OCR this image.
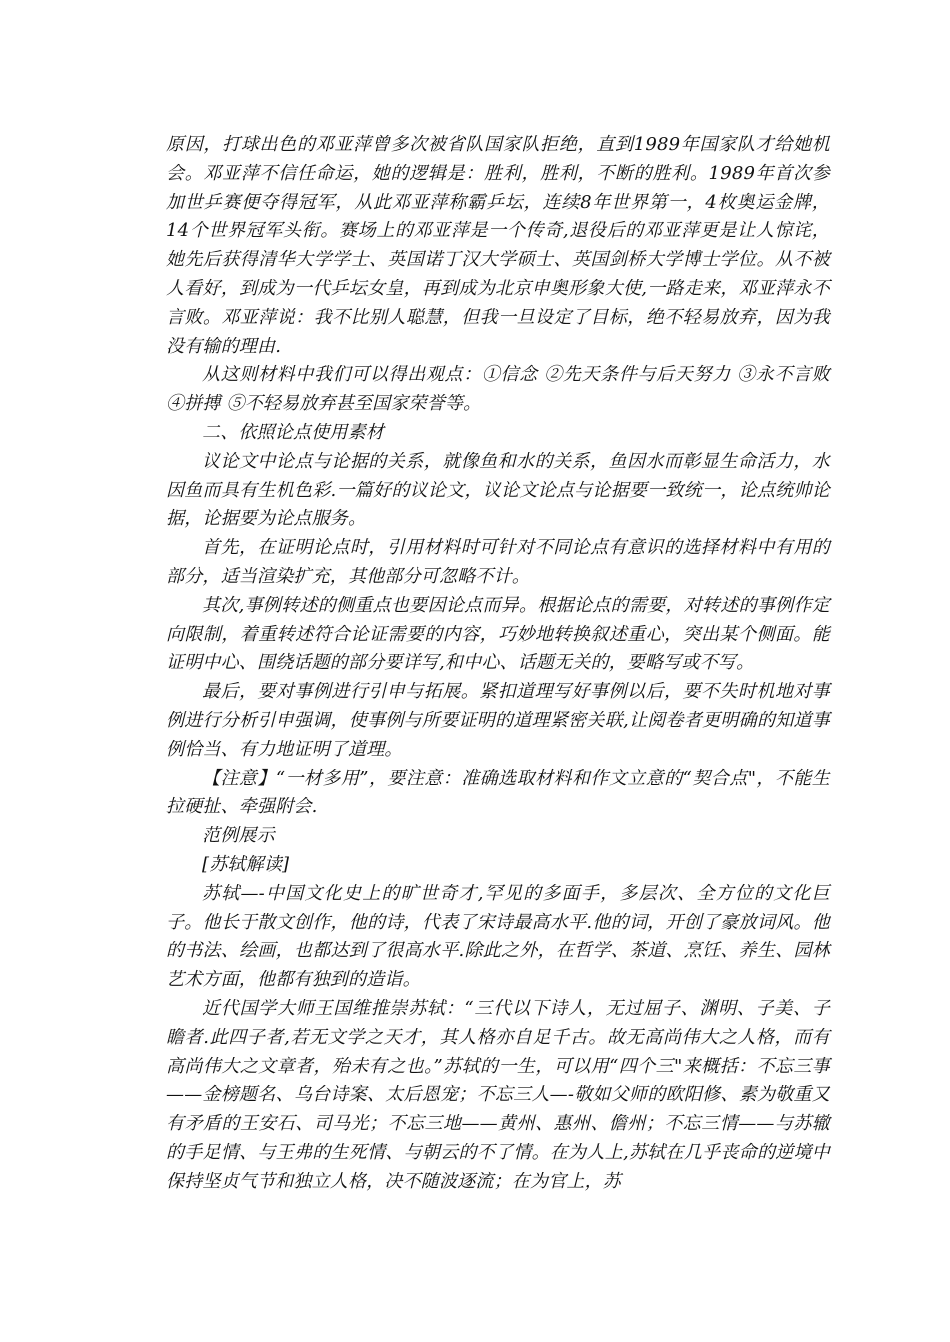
原因，打球出色的邓亚萍曾多次被省队国家队拒绝，直到1989年国家队才给她机会。邓亚萍不信任命运，她的逻辑是：胜利，胜利，不断的胜利。1989年首次参加世乒赛便夺得冠军，从此邓亚萍称霸乒坛，连续8年世界第一，4枚奥运金牌，14个世界冠军头衔。赛场上的邓亚萍是一个传奇,退役后的邓亚萍更是让人惊诧，她先后获得清华大学学士、英国诺丁汉大学硕士、英国剑桥大学博士学位。从不被人看好，到成为一代乒坛女皇，再到成为北京申奥形象大使,一路走来，邓亚萍永不言败。邓亚萍说：我不比别人聪慧，但我一旦设定了目标，绝不轻易放弃，因为我没有输的理由.

从这则材料中我们可以得出观点：①信念 ②先天条件与后天努力 ③永不言败 ④拼搏 ⑤不轻易放弃甚至国家荣誉等。

二、依照论点使用素材

议论文中论点与论据的关系，就像鱼和水的关系，鱼因水而彰显生命活力，水因鱼而具有生机色彩.一篇好的议论文，议论文论点与论据要一致统一，论点统帅论据，论据要为论点服务。

首先，在证明论点时，引用材料时可针对不同论点有意识的选择材料中有用的部分，适当渲染扩充，其他部分可忽略不计。

其次,事例转述的侧重点也要因论点而异。根据论点的需要，对转述的事例作定向限制，着重转述符合论证需要的内容，巧妙地转换叙述重心，突出某个侧面。能证明中心、围绕话题的部分要详写,和中心、话题无关的，要略写或不写。

最后，要对事例进行引申与拓展。紧扣道理写好事例以后，要不失时机地对事例进行分析引申强调，使事例与所要证明的道理紧密关联,让阅卷者更明确的知道事例恰当、有力地证明了道理。

【注意】“一材多用”，要注意：准确选取材料和作文立意的“契合点"，不能生拉硬扯、牵强附会.

范例展示

[苏轼解读]

苏轼—-中国文化史上的旷世奇才,罕见的多面手，多层次、全方位的文化巨子。他长于散文创作，他的诗，代表了宋诗最高水平.他的词，开创了豪放词风。他的书法、绘画，也都达到了很高水平.除此之外，在哲学、茶道、烹饪、养生、园林艺术方面，他都有独到的造诣。

近代国学大师王国维推崇苏轼：“三代以下诗人，无过屈子、渊明、子美、子瞻者.此四子者,若无文学之天才，其人格亦自足千古。故无高尚伟大之人格，而有高尚伟大之文章者，殆未有之也。”苏轼的一生，可以用“四个三"来概括：不忘三事——金榜题名、乌台诗案、太后恩宠；不忘三人—-敬如父师的欧阳修、素为敬重又有矛盾的王安石、司马光；不忘三地——黄州、惠州、儋州；不忘三情——与苏辙的手足情、与王弗的生死情、与朝云的不了情。在为人上,苏轼在几乎丧命的逆境中保持坚贞气节和独立人格，决不随波逐流；在为官上，苏
